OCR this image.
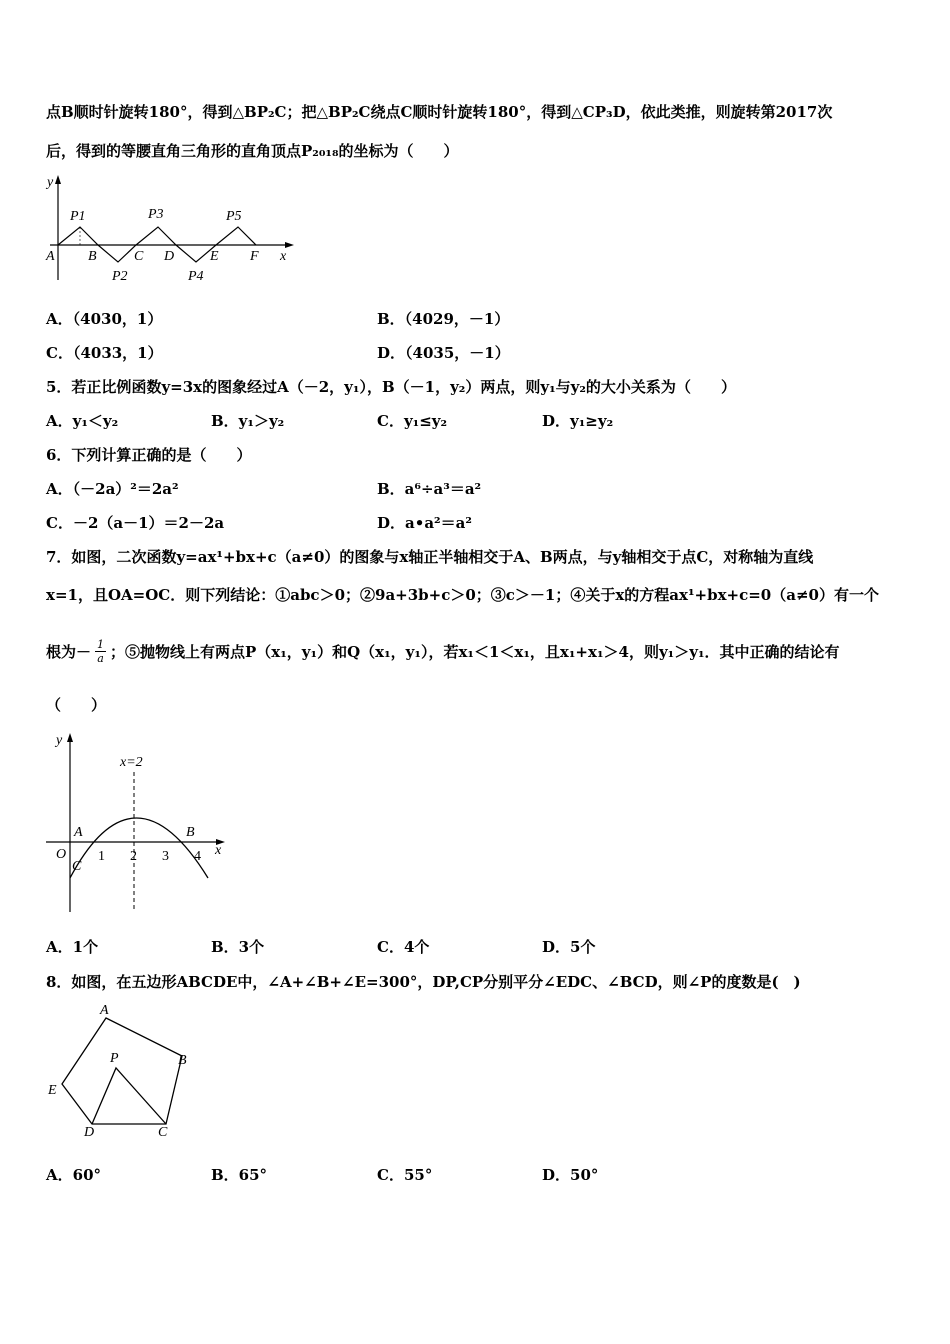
点B顺时针旋转180°，得到△BP₂C；把△BP₂C绕点C顺时针旋转180°，得到△CP₃D，依此类推，则旋转第2017次
后，得到的等腰直角三角形的直角顶点P₂₀₁₈的坐标为（　　）
y
x
A B	C D	E F
P1	P3	P5
P2	P4
A．（4030，1）	B．（4029，－1）
C．（4033，1）	D．（4035，－1）
5．若正比例函数y=3x的图象经过A（－2，y₁），B（－1，y₂）两点，则y₁与y₂的大小关系为（　　）
A．y₁＜y₂	B．y₁＞y₂	C．y₁≤y₂	D．y₁≥y₂
6．下列计算正确的是（　　）
A．（－2a）²＝2a²	B．a⁶÷a³＝a²
C．－2（a－1）＝2－2a	D．a•a²＝a²
7．如图，二次函数y=ax¹+bx+c（a≠0）的图象与x轴正半轴相交于A、B两点，与y轴相交于点C，对称轴为直线
x=1，且OA=OC．则下列结论：①abc＞0；②9a+3b+c＞0；③c＞－1；④关于x的方程ax¹+bx+c=0（a≠0）有一个
根为－ $\frac{1}{a}$ ；⑤抛物线上有两点P（x₁，y₁）和Q（x₁，y₁），若x₁＜1＜x₁，且x₁+x₁＞4，则y₁＞y₁．其中正确的结论有
（　　）
y
x
x=2
O
A	B
C
1 2 3 4
A．1个	B．3个	C．4个	D．5个
8．如图，在五边形ABCDE中，∠A+∠B+∠E=300°，DP,CP分别平分∠EDC、∠BCD，则∠P的度数是(　)
A
B
C
D
E
P
A．60°	B．65°	C．55°	D．50°
